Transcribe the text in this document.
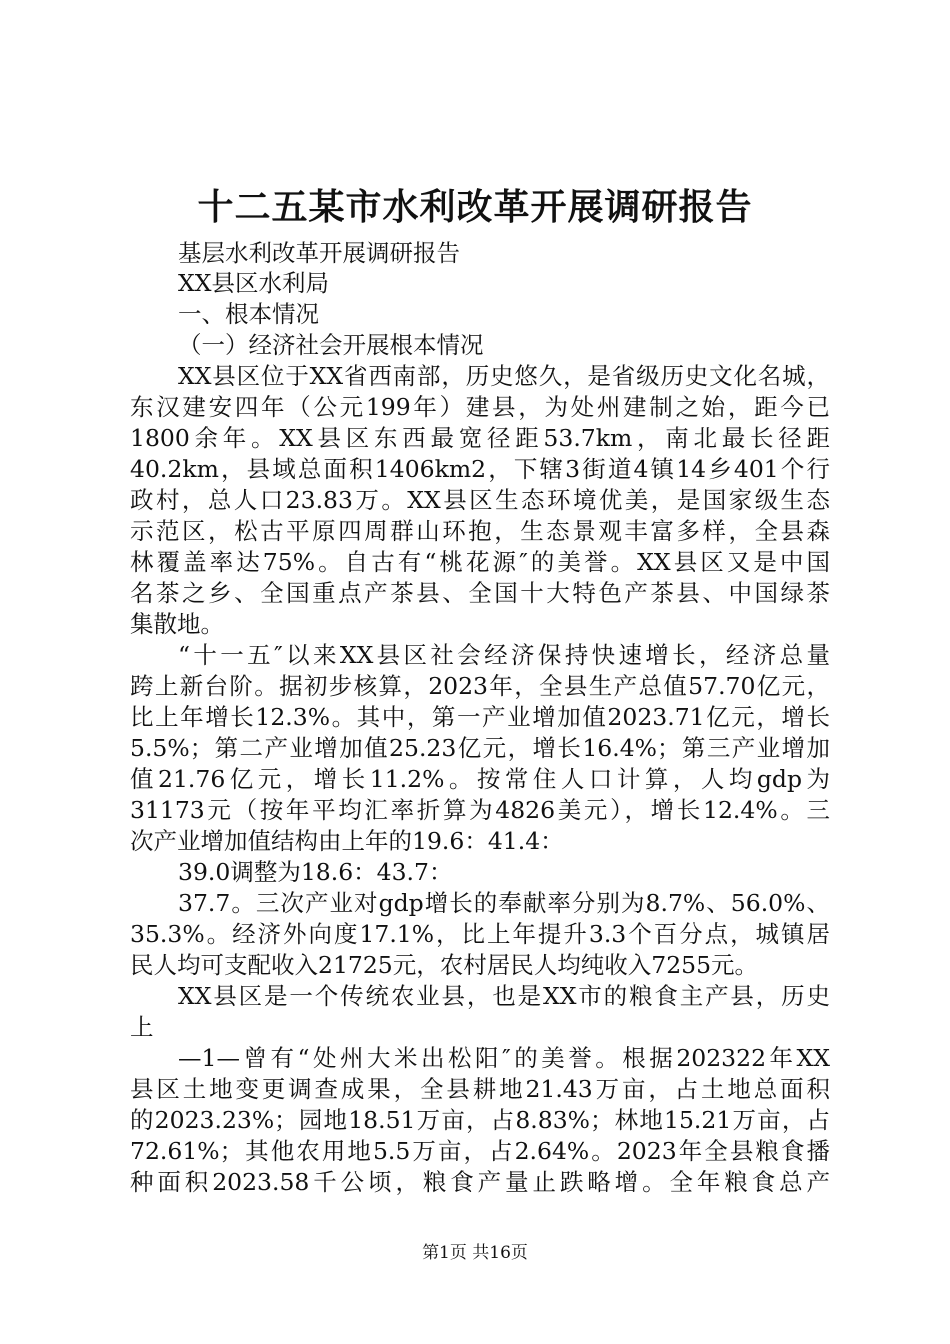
十二五某市水利改革开展调研报告
基层水利改革开展调研报告
XX县区水利局
一、根本情况
（一）经济社会开展根本情况
XX县区位于XX省西南部，历史悠久，是省级历史文化名城，
东汉建安四年（公元199年）建县，为处州建制之始，距今已
1800余年。XX县区东西最宽径距53.7km，南北最长径距
40.2km，县域总面积1406km2，下辖3街道4镇14乡401个行
政村，总人口23.83万。XX县区生态环境优美，是国家级生态
示范区，松古平原四周群山环抱，生态景观丰富多样，全县森
林覆盖率达75%。自古有“桃花源″的美誉。XX县区又是中国
名茶之乡、全国重点产茶县、全国十大特色产茶县、中国绿茶
集散地。
“十一五″以来XX县区社会经济保持快速增长，经济总量
跨上新台阶。据初步核算，2023年，全县生产总值57.70亿元，
比上年增长12.3%。其中，第一产业增加值2023.71亿元，增长
5.5%；第二产业增加值25.23亿元，增长16.4%；第三产业增加
值21.76亿元，增长11.2%。按常住人口计算，人均gdp为
31173元（按年平均汇率折算为4826美元），增长12.4%。三
次产业增加值结构由上年的19.6：41.4：
39.0调整为18.6：43.7：
37.7。三次产业对gdp增长的奉献率分别为8.7%、56.0%、
35.3%。经济外向度17.1%，比上年提升3.3个百分点，城镇居
民人均可支配收入21725元，农村居民人均纯收入7255元。
XX县区是一个传统农业县，也是XX市的粮食主产县，历史
上
—1—曾有“处州大米出松阳″的美誉。根据202322年XX
县区土地变更调查成果，全县耕地21.43万亩，占土地总面积
的2023.23%；园地18.51万亩，占8.83%；林地15.21万亩，占
72.61%；其他农用地5.5万亩，占2.64%。2023年全县粮食播
种面积2023.58千公顷，粮食产量止跌略增。全年粮食总产
第1页 共16页
